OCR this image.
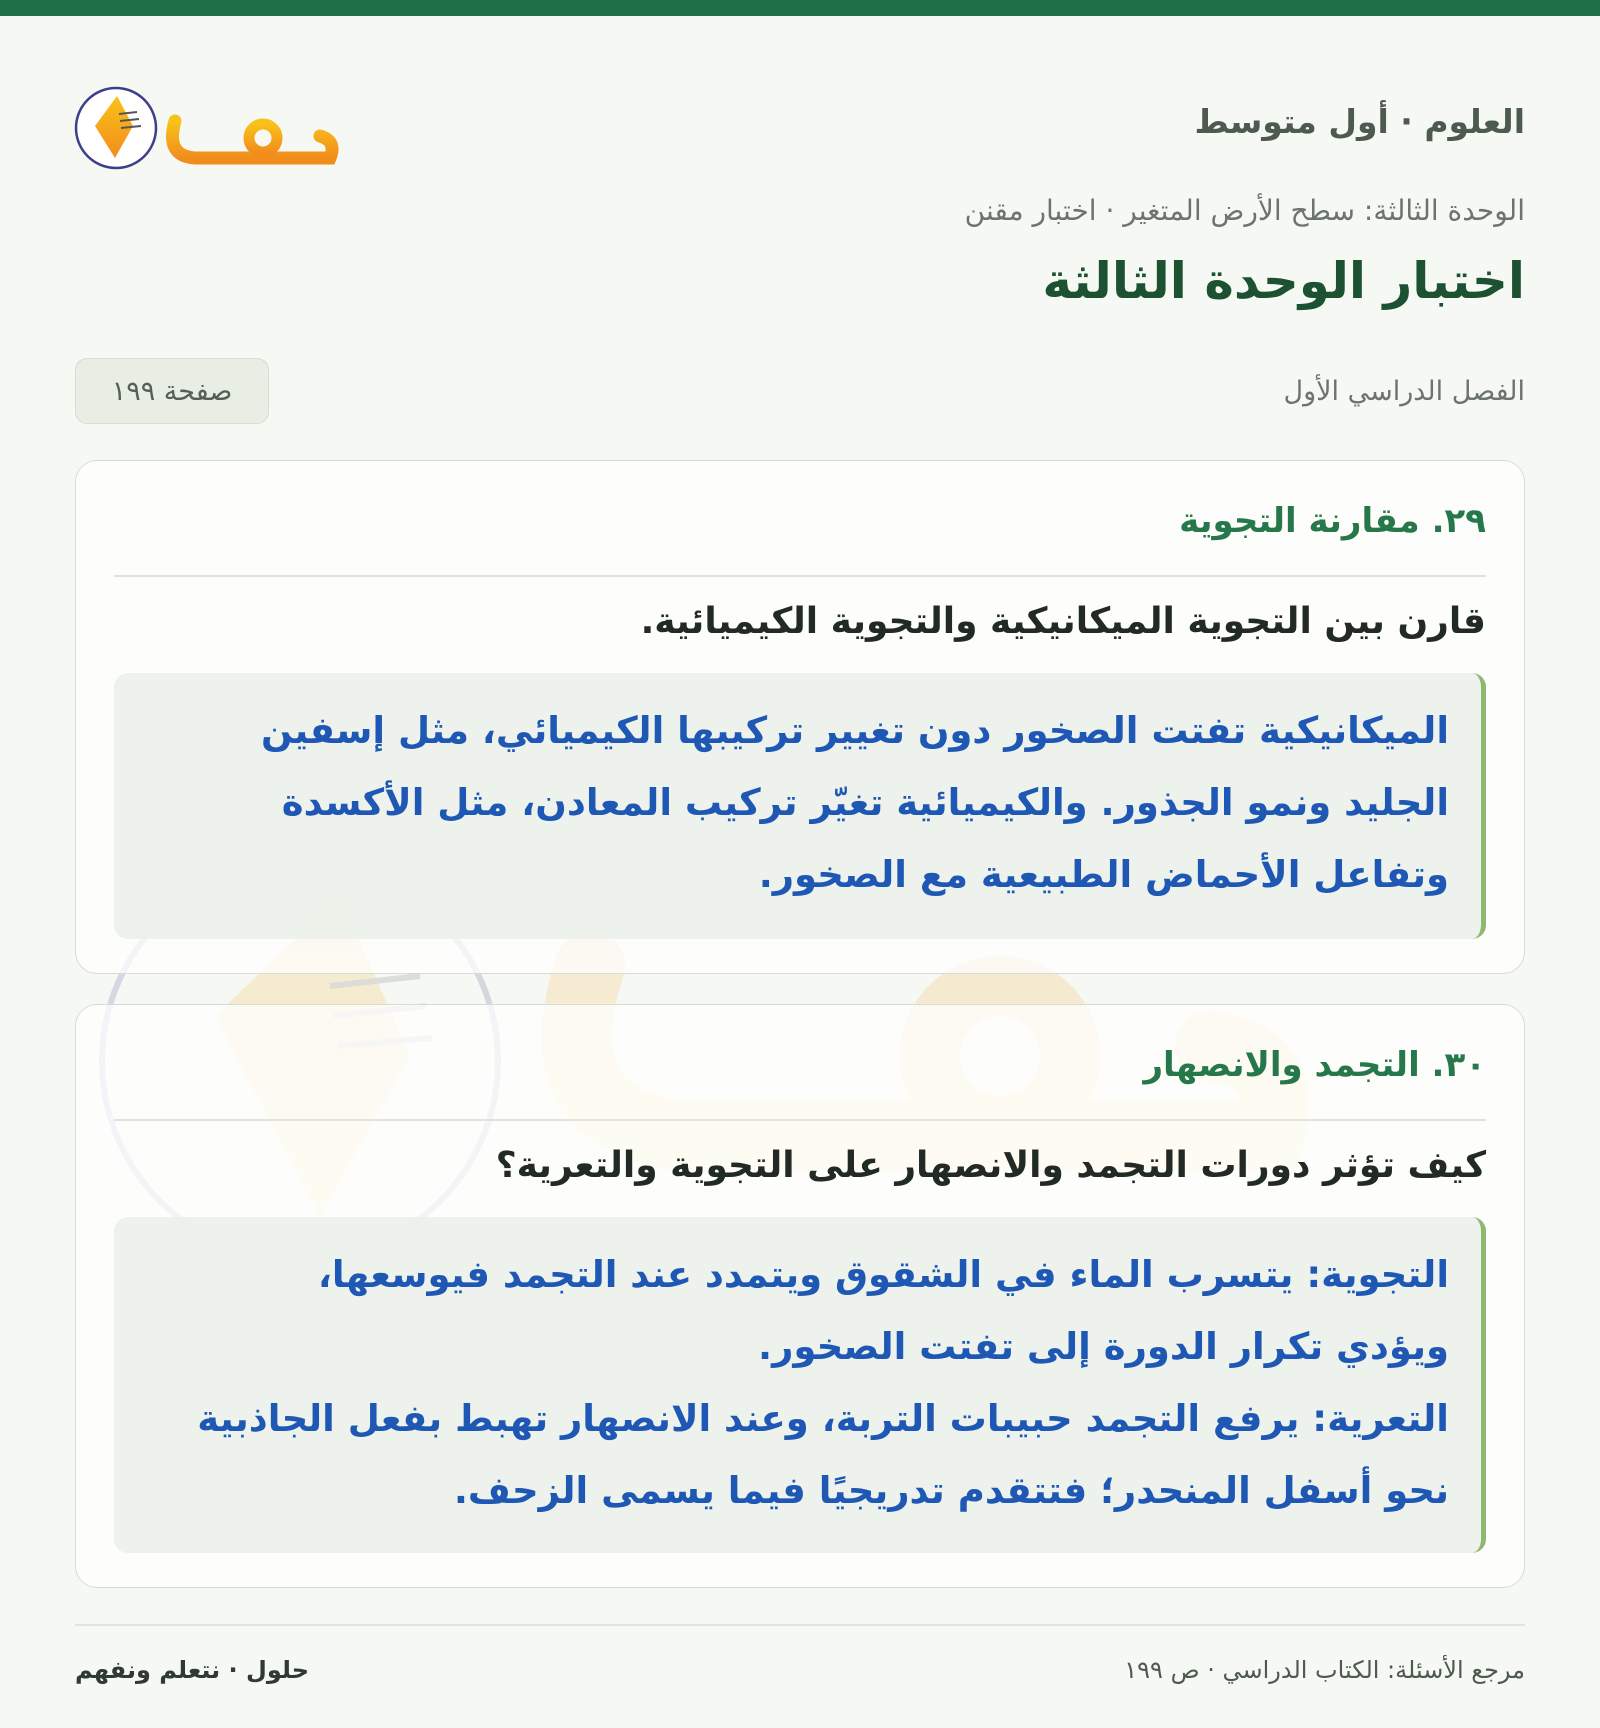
العلوم · أول متوسط
حلول
الوحدة الثالثة: سطح الأرض المتغير · اختبار مقنن
اختبار الوحدة الثالثة
الفصل الدراسي الأول
صفحة ١٩٩
٢٩. مقارنة التجوية

قارن بين التجوية الميكانيكية والتجوية الكيميائية.

الميكانيكية تفتت الصخور دون تغيير تركيبها الكيميائي، مثل إسفين
الجليد ونمو الجذور. والكيميائية تغيّر تركيب المعادن، مثل الأكسدة
وتفاعل الأحماض الطبيعية مع الصخور.
٣٠. التجمد والانصهار

كيف تؤثر دورات التجمد والانصهار على التجوية والتعرية؟

التجوية: يتسرب الماء في الشقوق ويتمدد عند التجمد فيوسعها،
ويؤدي تكرار الدورة إلى تفتت الصخور.
التعرية: يرفع التجمد حبيبات التربة، وعند الانصهار تهبط بفعل الجاذبية
نحو أسفل المنحدر؛ فتتقدم تدريجيًا فيما يسمى الزحف.
مرجع الأسئلة: الكتاب الدراسي · ص ١٩٩
حلول · نتعلم ونفهم
